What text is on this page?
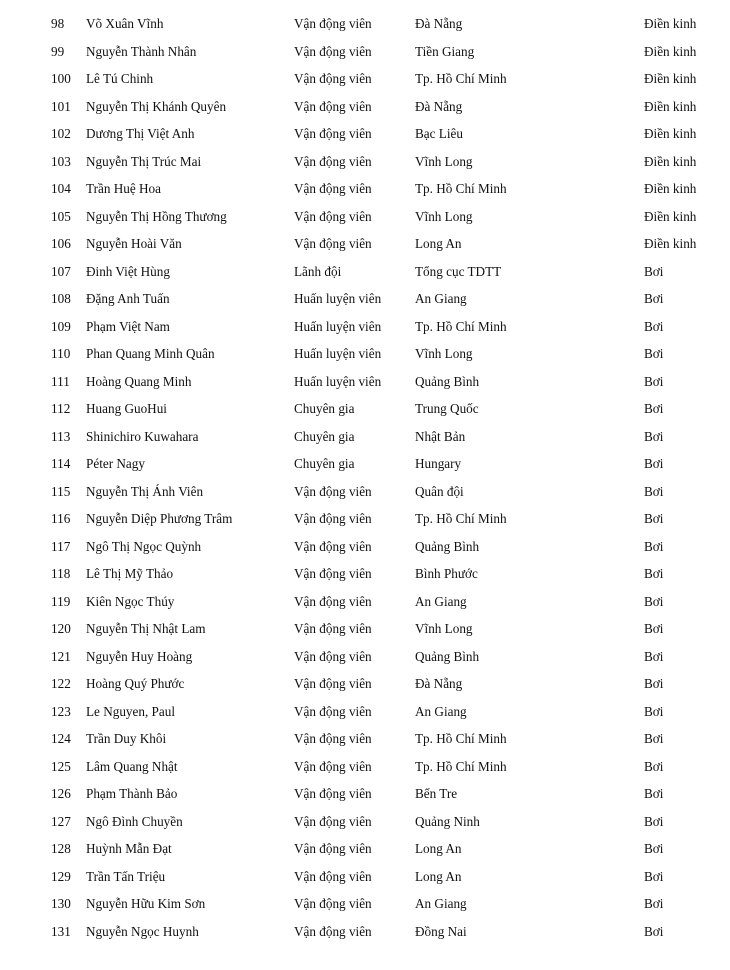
98 Võ Xuân Vĩnh	Vận động viên	Đà Nẵng	Điền kinh
99 Nguyễn Thành Nhân	Vận động viên	Tiền Giang	Điền kinh
100 Lê Tú Chinh	Vận động viên	Tp. Hồ Chí Minh	Điền kinh
101 Nguyễn Thị Khánh Quyên	Vận động viên	Đà Nẵng	Điền kinh
102 Dương Thị Việt Anh	Vận động viên	Bạc Liêu	Điền kinh
103 Nguyễn Thị Trúc Mai	Vận động viên	Vĩnh Long	Điền kinh
104 Trần Huệ Hoa	Vận động viên	Tp. Hồ Chí Minh	Điền kinh
105 Nguyễn Thị Hồng Thương	Vận động viên	Vĩnh Long	Điền kinh
106 Nguyễn Hoài Văn	Vận động viên	Long An	Điền kinh
107 Đinh Việt Hùng	Lãnh đội	Tổng cục TDTT	Bơi
108 Đặng Anh Tuấn	Huấn luyện viên	An Giang	Bơi
109 Phạm Việt Nam	Huấn luyện viên	Tp. Hồ Chí Minh	Bơi
110 Phan Quang Minh Quân	Huấn luyện viên	Vĩnh Long	Bơi
111 Hoàng Quang Minh	Huấn luyện viên	Quảng Bình	Bơi
112 Huang GuoHui	Chuyên gia	Trung Quốc	Bơi
113 Shinichiro Kuwahara	Chuyên gia	Nhật Bản	Bơi
114 Péter Nagy	Chuyên gia	Hungary	Bơi
115 Nguyễn Thị Ánh Viên	Vận động viên	Quân đội	Bơi
116 Nguyễn Diệp Phương Trâm	Vận động viên	Tp. Hồ Chí Minh	Bơi
117 Ngô Thị Ngọc Quỳnh	Vận động viên	Quảng Bình	Bơi
118 Lê Thị Mỹ Thảo	Vận động viên	Bình Phước	Bơi
119 Kiên Ngọc Thúy	Vận động viên	An Giang	Bơi
120 Nguyễn Thị Nhật Lam	Vận động viên	Vĩnh Long	Bơi
121 Nguyễn Huy Hoàng	Vận động viên	Quảng Bình	Bơi
122 Hoàng Quý Phước	Vận động viên	Đà Nẵng	Bơi
123 Le Nguyen, Paul	Vận động viên	An Giang	Bơi
124 Trần Duy Khôi	Vận động viên	Tp. Hồ Chí Minh	Bơi
125 Lâm Quang Nhật	Vận động viên	Tp. Hồ Chí Minh	Bơi
126 Phạm Thành Bảo	Vận động viên	Bến Tre	Bơi
127 Ngô Đình Chuyền	Vận động viên	Quảng Ninh	Bơi
128 Huỳnh Mẫn Đạt	Vận động viên	Long An	Bơi
129 Trần Tấn Triệu	Vận động viên	Long An	Bơi
130 Nguyễn Hữu Kim Sơn	Vận động viên	An Giang	Bơi
131 Nguyễn Ngọc Huynh	Vận động viên	Đồng Nai	Bơi
